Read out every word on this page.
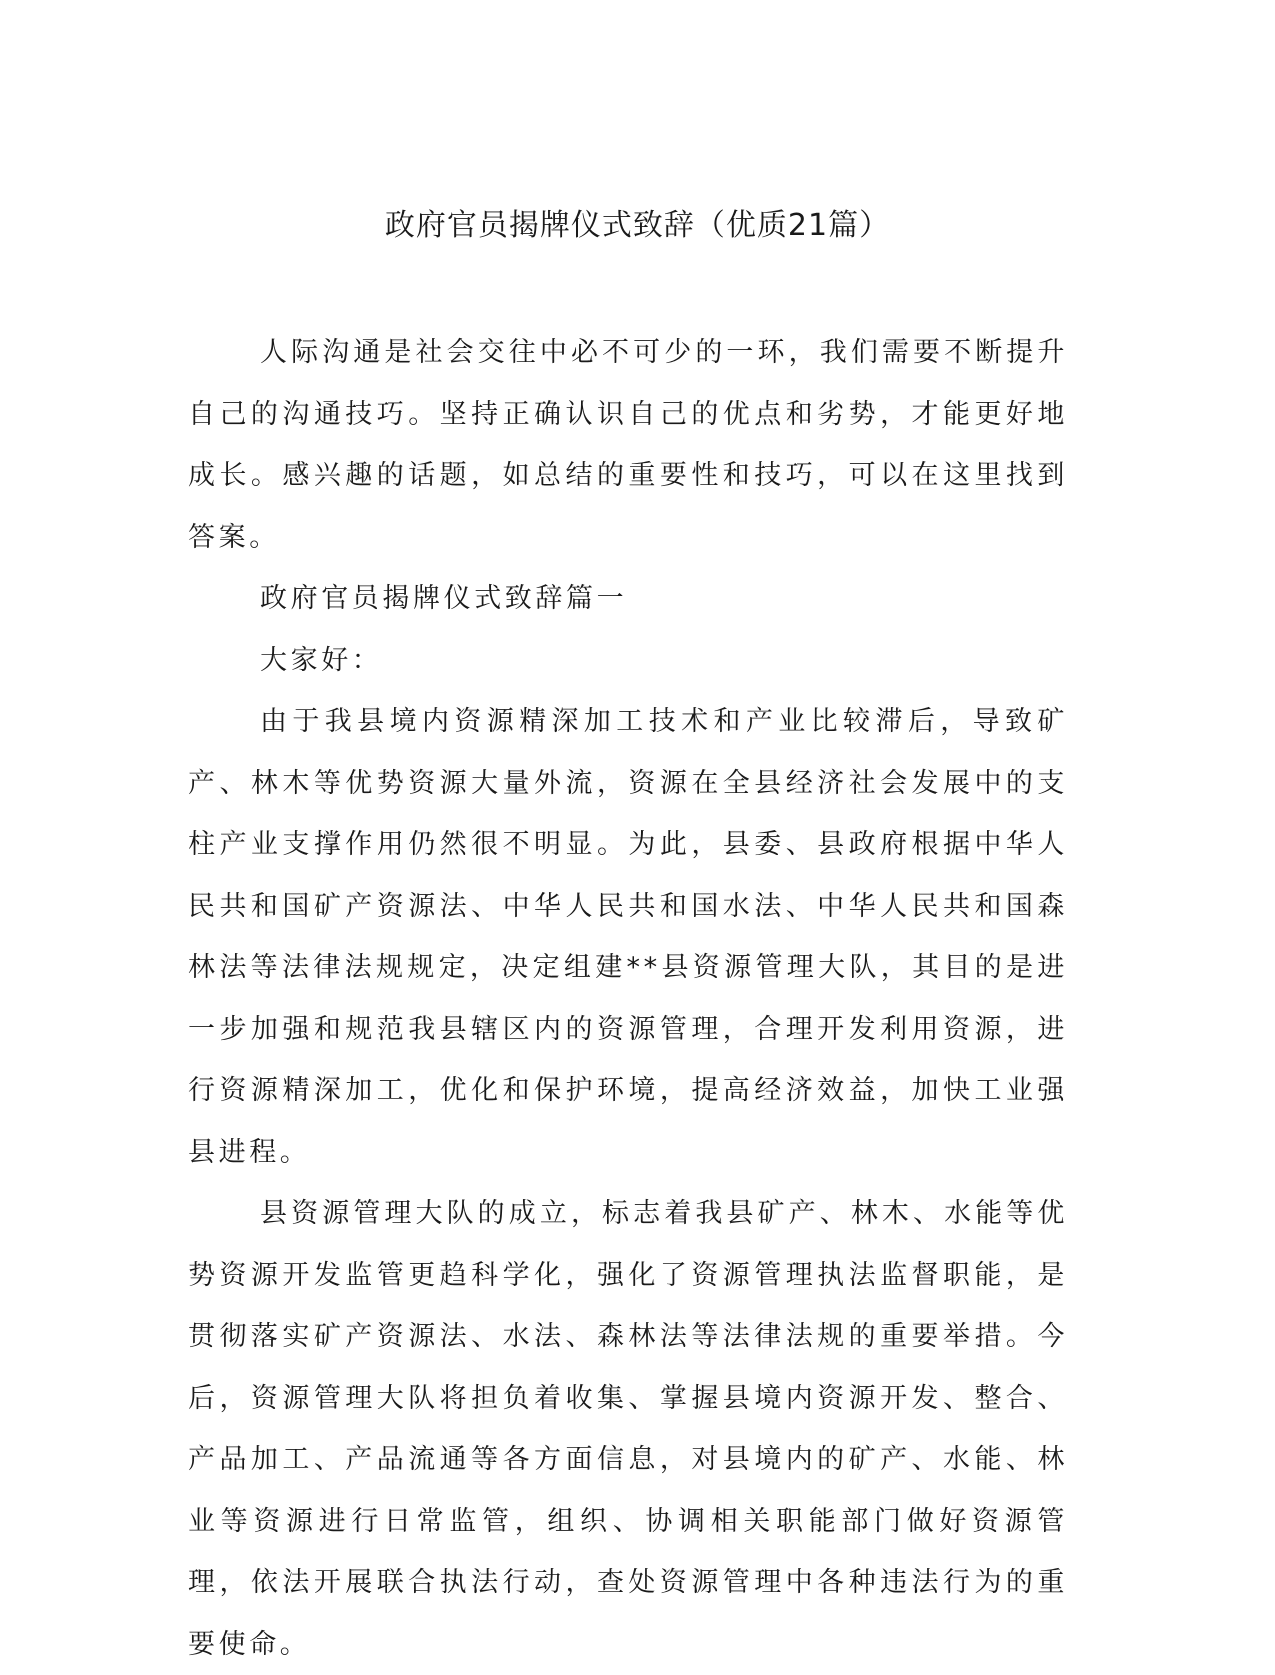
政府官员揭牌仪式致辞（优质21篇）

人际沟通是社会交往中必不可少的一环，我们需要不断提升自己的沟通技巧。坚持正确认识自己的优点和劣势，才能更好地成长。感兴趣的话题，如总结的重要性和技巧，可以在这里找到答案。

政府官员揭牌仪式致辞篇一

大家好：

由于我县境内资源精深加工技术和产业比较滞后，导致矿产、林木等优势资源大量外流，资源在全县经济社会发展中的支柱产业支撑作用仍然很不明显。为此，县委、县政府根据中华人民共和国矿产资源法、中华人民共和国水法、中华人民共和国森林法等法律法规规定，决定组建**县资源管理大队，其目的是进一步加强和规范我县辖区内的资源管理，合理开发利用资源，进行资源精深加工，优化和保护环境，提高经济效益，加快工业强县进程。

县资源管理大队的成立，标志着我县矿产、林木、水能等优势资源开发监管更趋科学化，强化了资源管理执法监督职能，是贯彻落实矿产资源法、水法、森林法等法律法规的重要举措。今后，资源管理大队将担负着收集、掌握县境内资源开发、整合、产品加工、产品流通等各方面信息，对县境内的矿产、水能、林业等资源进行日常监管，组织、协调相关职能部门做好资源管理，依法开展联合执法行动，查处资源管理中各种违法行为的重要使命。
